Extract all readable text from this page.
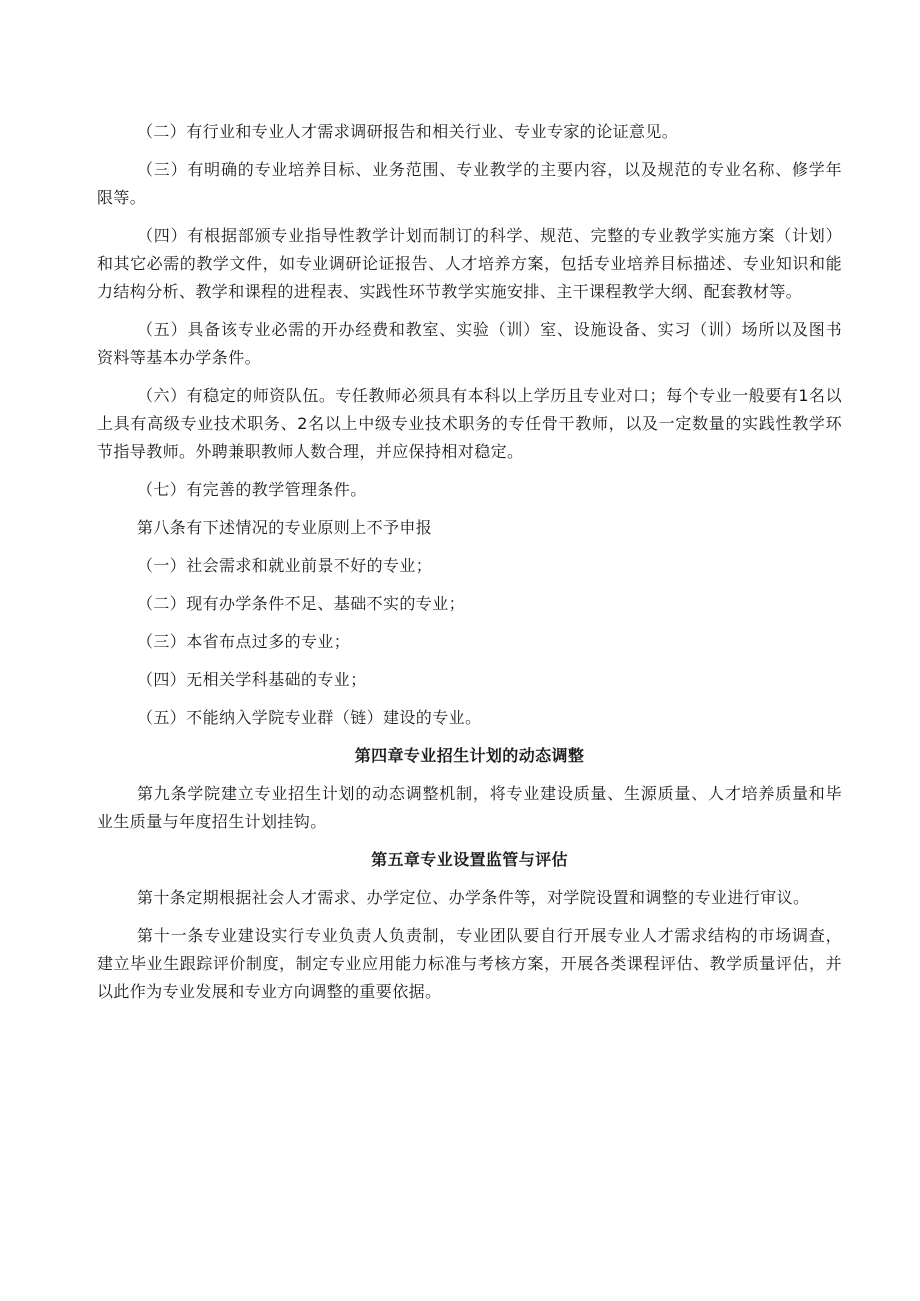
（二）有行业和专业人才需求调研报告和相关行业、专业专家的论证意见。

（三）有明确的专业培养目标、业务范围、专业教学的主要内容，以及规范的专业名称、修学年限等。

（四）有根据部颁专业指导性教学计划而制订的科学、规范、完整的专业教学实施方案（计划）和其它必需的教学文件，如专业调研论证报告、人才培养方案，包括专业培养目标描述、专业知识和能力结构分析、教学和课程的进程表、实践性环节教学实施安排、主干课程教学大纲、配套教材等。

（五）具备该专业必需的开办经费和教室、实验（训）室、设施设备、实习（训）场所以及图书资料等基本办学条件。

（六）有稳定的师资队伍。专任教师必须具有本科以上学历且专业对口；每个专业一般要有1名以上具有高级专业技术职务、2名以上中级专业技术职务的专任骨干教师，以及一定数量的实践性教学环节指导教师。外聘兼职教师人数合理，并应保持相对稳定。

（七）有完善的教学管理条件。

第八条有下述情况的专业原则上不予申报

（一）社会需求和就业前景不好的专业；

（二）现有办学条件不足、基础不实的专业；

（三）本省布点过多的专业；

（四）无相关学科基础的专业；

（五）不能纳入学院专业群（链）建设的专业。

第四章专业招生计划的动态调整

第九条学院建立专业招生计划的动态调整机制，将专业建设质量、生源质量、人才培养质量和毕业生质量与年度招生计划挂钩。

第五章专业设置监管与评估

第十条定期根据社会人才需求、办学定位、办学条件等，对学院设置和调整的专业进行审议。

第十一条专业建设实行专业负责人负责制，专业团队要自行开展专业人才需求结构的市场调查，建立毕业生跟踪评价制度，制定专业应用能力标准与考核方案，开展各类课程评估、教学质量评估，并以此作为专业发展和专业方向调整的重要依据。
